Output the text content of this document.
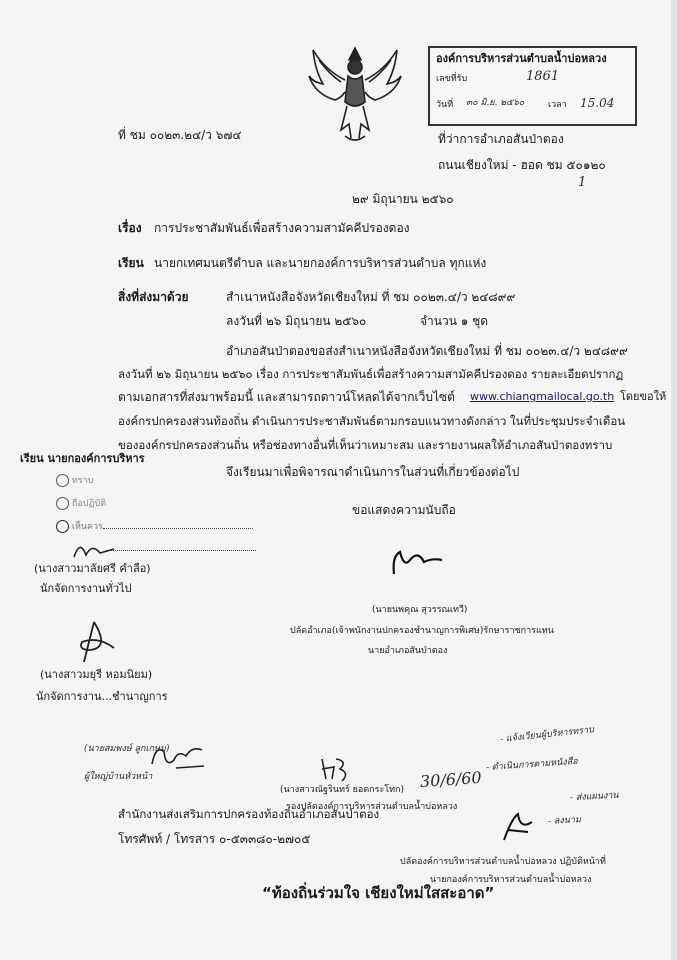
องค์การบริหารส่วนตำบลน้ำบ่อหลวง
เลขที่รับ	1861
วันที่ ๓๐ มิ.ย. ๒๕๖๐	เวลา 15.04
ที่ ชม ๐๐๒๓.๒๔/ว ๖๗๔	ที่ว่าการอำเภอสันป่าตอง
ถนนเชียงใหม่ - ฮอด ชม ๕๐๑๒๐
1
๒๙ มิถุนายน ๒๕๖๐
เรื่อง การประชาสัมพันธ์เพื่อสร้างความสามัคคีปรองดอง
เรียน นายกเทศมนตรีตำบล และนายกองค์การบริหารส่วนตำบล ทุกแห่ง
สิ่งที่ส่งมาด้วย	สำเนาหนังสือจังหวัดเชียงใหม่ ที่ ชม ๐๐๒๓.๔/ว ๒๔๘๙๙
ลงวันที่ ๒๖ มิถุนายน ๒๕๖๐	จำนวน ๑ ชุด
อำเภอสันป่าตองขอส่งสำเนาหนังสือจังหวัดเชียงใหม่ ที่ ชม ๐๐๒๓.๔/ว ๒๔๘๙๙
ลงวันที่ ๒๖ มิถุนายน ๒๕๖๐ เรื่อง การประชาสัมพันธ์เพื่อสร้างความสามัคคีปรองดอง รายละเอียดปรากฏ
ตามเอกสารที่ส่งมาพร้อมนี้ และสามารถดาวน์โหลดได้จากเว็บไซต์ www.chiangmailocal.go.th โดยขอให้
องค์กรปกครองส่วนท้องถิ่น ดำเนินการประชาสัมพันธ์ตามกรอบแนวทางดังกล่าว ในที่ประชุมประจำเดือน
ขององค์กรปกครองส่วนถิ่น หรือช่องทางอื่นที่เห็นว่าเหมาะสม และรายงานผลให้อำเภอสันป่าตองทราบ
จึงเรียนมาเพื่อพิจารณาดำเนินการในส่วนที่เกี่ยวข้องต่อไป
ขอแสดงความนับถือ
เรียน นายกองค์การบริหาร
ทราบ
ถือปฏิบัติ
เห็นควร
(นางสาวมาลัยศรี คำลือ)
นักจัดการงานทั่วไป
(นางสาวมยุรี หอมนิยม)
นักจัดการงาน...ชำนาญการ
(นางสาวณัฐรินทร์ ยอดกระโทก)
รองปลัดองค์การบริหารส่วนตำบลน้ำบ่อหลวง
(นายนพคุณ สุวรรณเทวี)
ปลัดอำเภอ(เจ้าพนักงานปกครองชำนาญการพิเศษ)รักษาราชการแทน
นายอำเภอสันป่าตอง
(นายสมพงษ์ ลูกเกษม)
ผู้ใหญ่บ้านหัวหน้า	30/6/60
- แจ้งเวียนผู้บริหารทราบ
- ดำเนินการตามหนังสือ
- ส่งแผนงาน
- ลงนาม
สำนักงานส่งเสริมการปกครองท้องถิ่นอำเภอสันป่าตอง
โทรศัพท์ / โทรสาร ๐-๕๓๓๘๐-๒๗๐๕
ปลัดองค์การบริหารส่วนตำบลน้ำบ่อหลวง ปฏิบัติหน้าที่
นายกองค์การบริหารส่วนตำบลน้ำบ่อหลวง
“ท้องถิ่นร่วมใจ เชียงใหม่ใสสะอาด”
